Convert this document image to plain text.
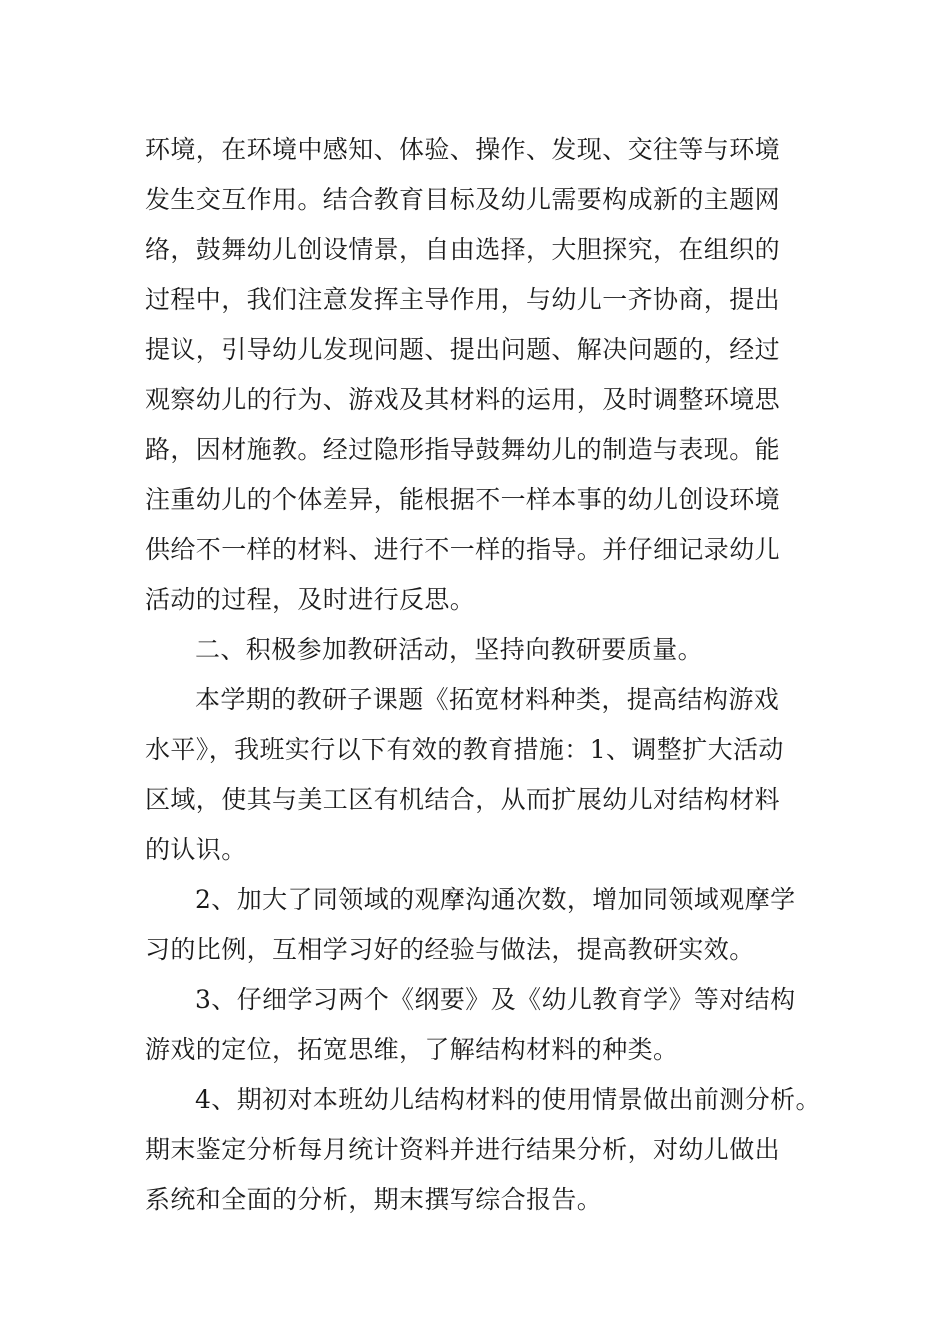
环境，在环境中感知、体验、操作、发现、交往等与环境
发生交互作用。结合教育目标及幼儿需要构成新的主题网
络，鼓舞幼儿创设情景，自由选择，大胆探究，在组织的
过程中，我们注意发挥主导作用，与幼儿一齐协商，提出
提议，引导幼儿发现问题、提出问题、解决问题的，经过
观察幼儿的行为、游戏及其材料的运用，及时调整环境思
路，因材施教。经过隐形指导鼓舞幼儿的制造与表现。能
注重幼儿的个体差异，能根据不一样本事的幼儿创设环境
供给不一样的材料、进行不一样的指导。并仔细记录幼儿
活动的过程，及时进行反思。
二、积极参加教研活动，坚持向教研要质量。
本学期的教研子课题《拓宽材料种类，提高结构游戏
水平》，我班实行以下有效的教育措施：1、调整扩大活动
区域，使其与美工区有机结合，从而扩展幼儿对结构材料
的认识。
2、加大了同领域的观摩沟通次数，增加同领域观摩学
习的比例，互相学习好的经验与做法，提高教研实效。
3、仔细学习两个《纲要》及《幼儿教育学》等对结构
游戏的定位，拓宽思维，了解结构材料的种类。
4、期初对本班幼儿结构材料的使用情景做出前测分析。
期末鉴定分析每月统计资料并进行结果分析，对幼儿做出
系统和全面的分析，期末撰写综合报告。
